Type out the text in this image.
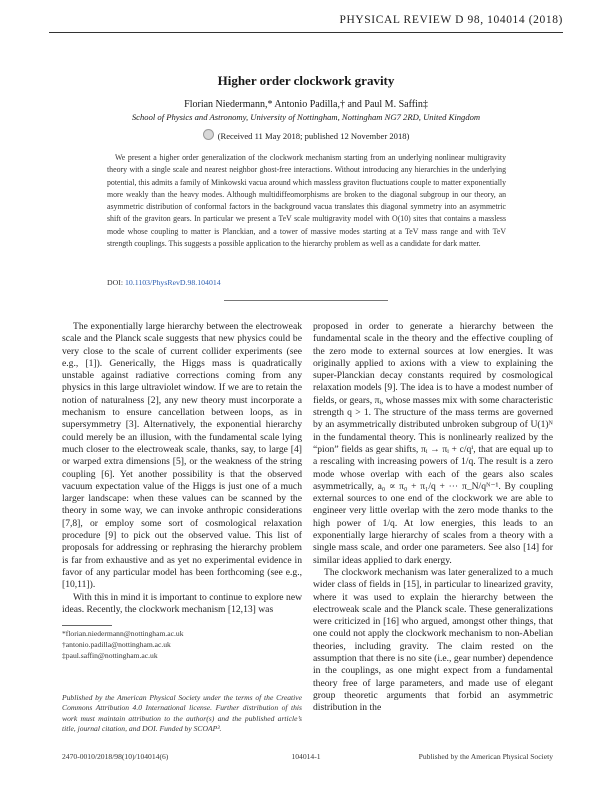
PHYSICAL REVIEW D 98, 104014 (2018)
Higher order clockwork gravity
Florian Niedermann,* Antonio Padilla,† and Paul M. Saffin‡
School of Physics and Astronomy, University of Nottingham, Nottingham NG7 2RD, United Kingdom
(Received 11 May 2018; published 12 November 2018)
We present a higher order generalization of the clockwork mechanism starting from an underlying nonlinear multigravity theory with a single scale and nearest neighbor ghost-free interactions. Without introducing any hierarchies in the underlying potential, this admits a family of Minkowski vacua around which massless graviton fluctuations couple to matter exponentially more weakly than the heavy modes. Although multidiffeomorphisms are broken to the diagonal subgroup in our theory, an asymmetric distribution of conformal factors in the background vacua translates this diagonal symmetry into an asymmetric shift of the graviton gears. In particular we present a TeV scale multigravity model with O(10) sites that contains a massless mode whose coupling to matter is Planckian, and a tower of massive modes starting at a TeV mass range and with TeV strength couplings. This suggests a possible application to the hierarchy problem as well as a candidate for dark matter.
DOI: 10.1103/PhysRevD.98.104014

The exponentially large hierarchy between the electroweak scale and the Planck scale suggests that new physics could be very close to the scale of current collider experiments (see e.g., [1]). Generically, the Higgs mass is quadratically unstable against radiative corrections coming from any physics in this large ultraviolet window. If we are to retain the notion of naturalness [2], any new theory must incorporate a mechanism to ensure cancellation between loops, as in supersymmetry [3]. Alternatively, the exponential hierarchy could merely be an illusion, with the fundamental scale lying much closer to the electroweak scale, thanks, say, to large [4] or warped extra dimensions [5], or the weakness of the string coupling [6]. Yet another possibility is that the observed vacuum expectation value of the Higgs is just one of a much larger landscape: when these values can be scanned by the theory in some way, we can invoke anthropic considerations [7,8], or employ some sort of cosmological relaxation procedure [9] to pick out the observed value. This list of proposals for addressing or rephrasing the hierarchy problem is far from exhaustive and as yet no experimental evidence in favor of any particular model has been forthcoming (see e.g., [10,11]).

With this in mind it is important to continue to explore new ideas. Recently, the clockwork mechanism [12,13] was

proposed in order to generate a hierarchy between the fundamental scale in the theory and the effective coupling of the zero mode to external sources at low energies. It was originally applied to axions with a view to explaining the super-Planckian decay constants required by cosmological relaxation models [9]. The idea is to have a modest number of fields, or gears, πᵢ, whose masses mix with some characteristic strength q > 1. The structure of the mass terms are governed by an asymmetrically distributed unbroken subgroup of U(1)ᴺ in the fundamental theory. This is nonlinearly realized by the “pion” fields as gear shifts, πᵢ → πᵢ + c/qⁱ, that are equal up to a rescaling with increasing powers of 1/q. The result is a zero mode whose overlap with each of the gears also scales asymmetrically, a₀ ∝ π₀ + π₁/q + ⋯ π_N/qᴺ⁻¹. By coupling external sources to one end of the clockwork we are able to engineer very little overlap with the zero mode thanks to the high power of 1/q. At low energies, this leads to an exponentially large hierarchy of scales from a theory with a single mass scale, and order one parameters. See also [14] for similar ideas applied to dark energy.

The clockwork mechanism was later generalized to a much wider class of fields in [15], in particular to linearized gravity, where it was used to explain the hierarchy between the electroweak scale and the Planck scale. These generalizations were criticized in [16] who argued, amongst other things, that one could not apply the clockwork mechanism to non-Abelian theories, including gravity. The claim rested on the assumption that there is no site (i.e., gear number) dependence in the couplings, as one might expect from a fundamental theory free of large parameters, and made use of elegant group theoretic arguments that forbid an asymmetric distribution in the

*florian.niedermann@nottingham.ac.uk
†antonio.padilla@nottingham.ac.uk
‡paul.saffin@nottingham.ac.uk
Published by the American Physical Society under the terms of the Creative Commons Attribution 4.0 International license. Further distribution of this work must maintain attribution to the author(s) and the published article’s title, journal citation, and DOI. Funded by SCOAP³.
2470-0010/2018/98(10)/104014(6)	104014-1	Published by the American Physical Society
